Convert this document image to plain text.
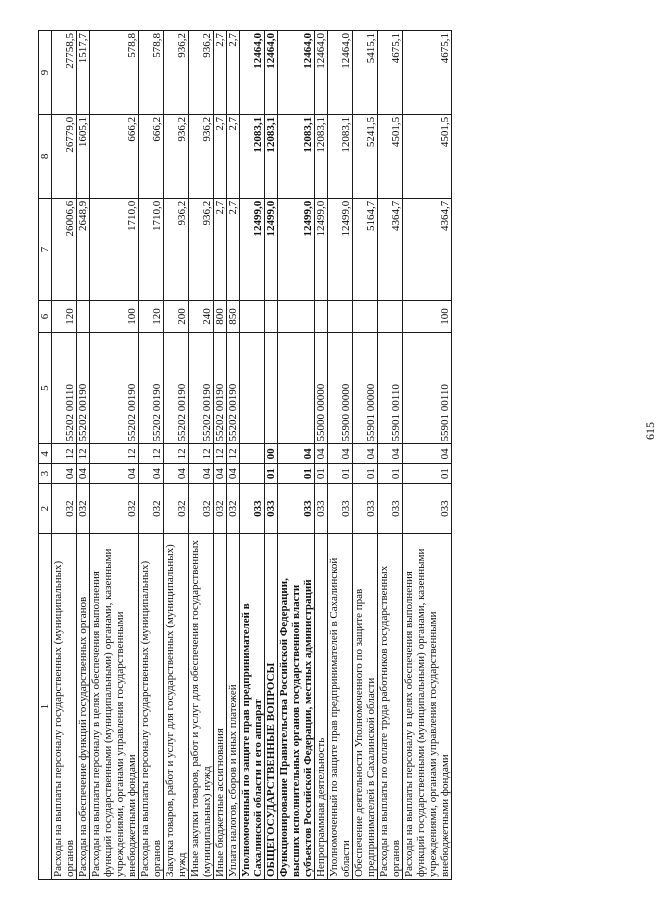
615
1	2	3	4	5	6	7	8	9
Расходы на выплаты персоналу государственных (муниципальных) органов	032	04	12	55202 00110	120	26006,6	26779,0	27758,5
Расходы на обеспечение функций государственных органов	032	04	12	55202 00190		2648,9	1605,1	1517,7
Расходы на выплаты персоналу в целях обеспечения выполнения функций государственными (муниципальными) органами, казенными учреждениями, органами управления государственными внебюджетными фондами	032	04	12	55202 00190	100	1710,0	666,2	578,8
Расходы на выплаты персоналу государственных (муниципальных) органов	032	04	12	55202 00190	120	1710,0	666,2	578,8
Закупка товаров, работ и услуг для государственных (муниципальных) нужд	032	04	12	55202 00190	200	936,2	936,2	936,2
Иные закупки товаров, работ и услуг для обеспечения государственных (муниципальных) нужд	032	04	12	55202 00190	240	936,2	936,2	936,2
Иные бюджетные ассигнования	032	04	12	55202 00190	800	2,7	2,7	2,7
Уплата налогов, сборов и иных платежей	032	04	12	55202 00190	850	2,7	2,7	2,7
Уполномоченный по защите прав предпринимателей в Сахалинской области и его аппарат	033					12499,0	12083,1	12464,0
ОБЩЕГОСУДАРСТВЕННЫЕ ВОПРОСЫ	033	01	00			12499,0	12083,1	12464,0
Функционирование Правительства Российской Федерации, высших исполнительных органов государственной власти субъектов Российской Федерации, местных администраций	033	01	04			12499,0	12083,1	12464,0
Непрограммная деятельность	033	01	04	55000 00000		12499,0	12083,1	12464,0
Уполномоченный по защите прав предпринимателей в Сахалинской области	033	01	04	55900 00000		12499,0	12083,1	12464,0
Обеспечение деятельности Уполномоченного по защите прав предпринимателей в Сахалинской области	033	01	04	55901 00000		5164,7	5241,5	5415,1
Расходы на выплаты по оплате труда работников государственных органов	033	01	04	55901 00110		4364,7	4501,5	4675,1
Расходы на выплаты персоналу в целях обеспечения выполнения функций государственными (муниципальными) органами, казенными учреждениями, органами управления государственными внебюджетными фондами	033	01	04	55901 00110	100	4364,7	4501,5	4675,1
